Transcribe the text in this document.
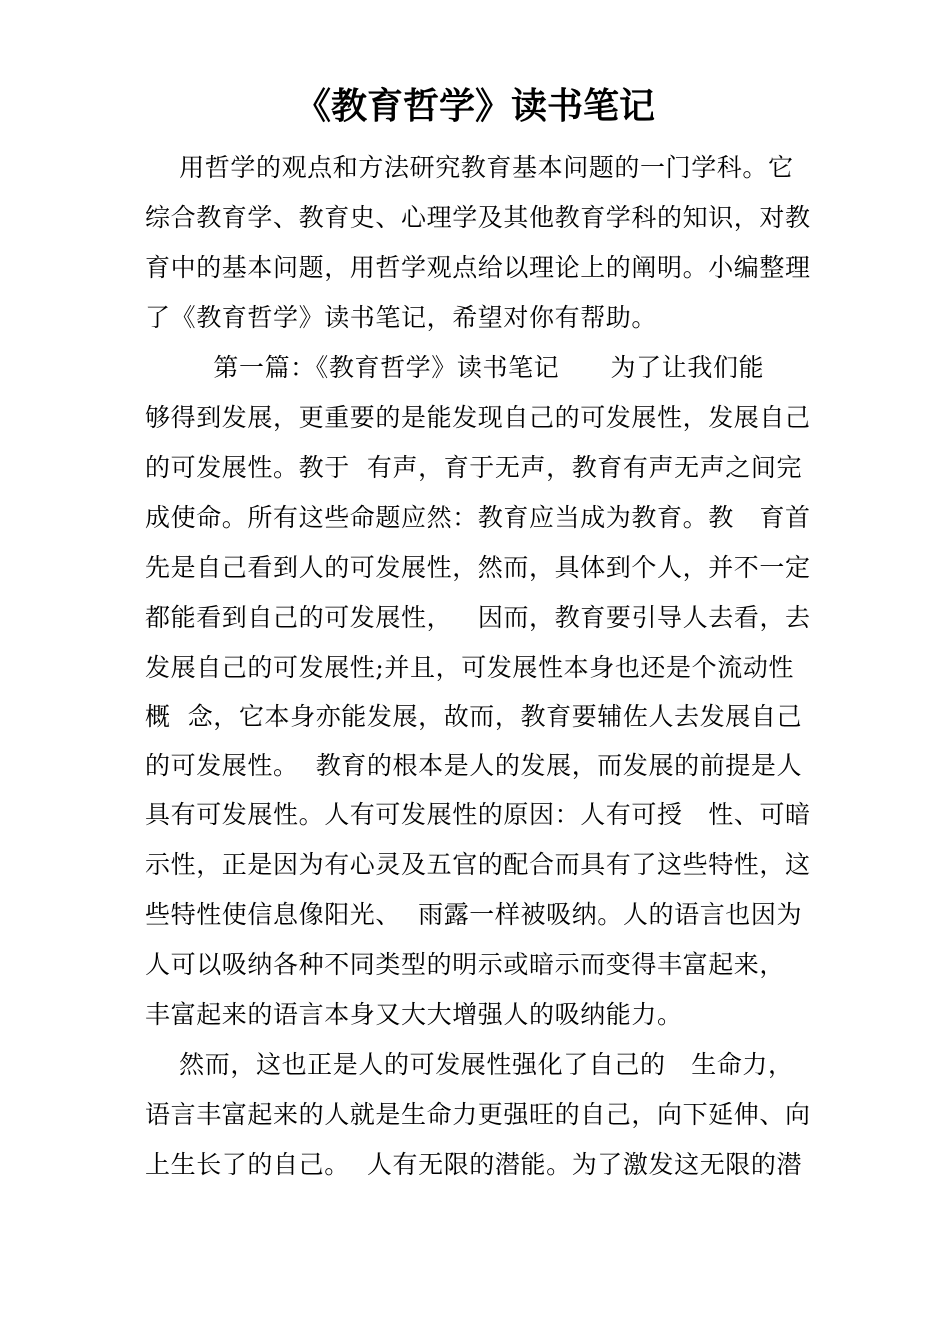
《教育哲学》读书笔记
用哲学的观点和方法研究教育基本问题的一门学科。它
综合教育学、教育史、心理学及其他教育学科的知识，对教
育中的基本问题，用哲学观点给以理论上的阐明。小编整理
了《教育哲学》读书笔记，希望对你有帮助。
第一篇：《教育哲学》读书笔记      为了让我们能
够得到发展，更重要的是能发现自己的可发展性，发展自己
的可发展性。教于  有声，育于无声，教育有声无声之间完
成使命。所有这些命题应然：教育应当成为教育。教   育首
先是自己看到人的可发展性，然而，具体到个人，并不一定
都能看到自己的可发展性，   因而，教育要引导人去看，去
发展自己的可发展性;并且，可发展性本身也还是个流动性
概  念，它本身亦能发展，故而，教育要辅佐人去发展自己
的可发展性。  教育的根本是人的发展，而发展的前提是人
具有可发展性。人有可发展性的原因：人有可授   性、可暗
示性，正是因为有心灵及五官的配合而具有了这些特性，这
些特性使信息像阳光、  雨露一样被吸纳。人的语言也因为
人可以吸纳各种不同类型的明示或暗示而变得丰富起来，
丰富起来的语言本身又大大增强人的吸纳能力。
然而，这也正是人的可发展性强化了自己的   生命力，
语言丰富起来的人就是生命力更强旺的自己，向下延伸、向
上生长了的自己。  人有无限的潜能。为了激发这无限的潜
